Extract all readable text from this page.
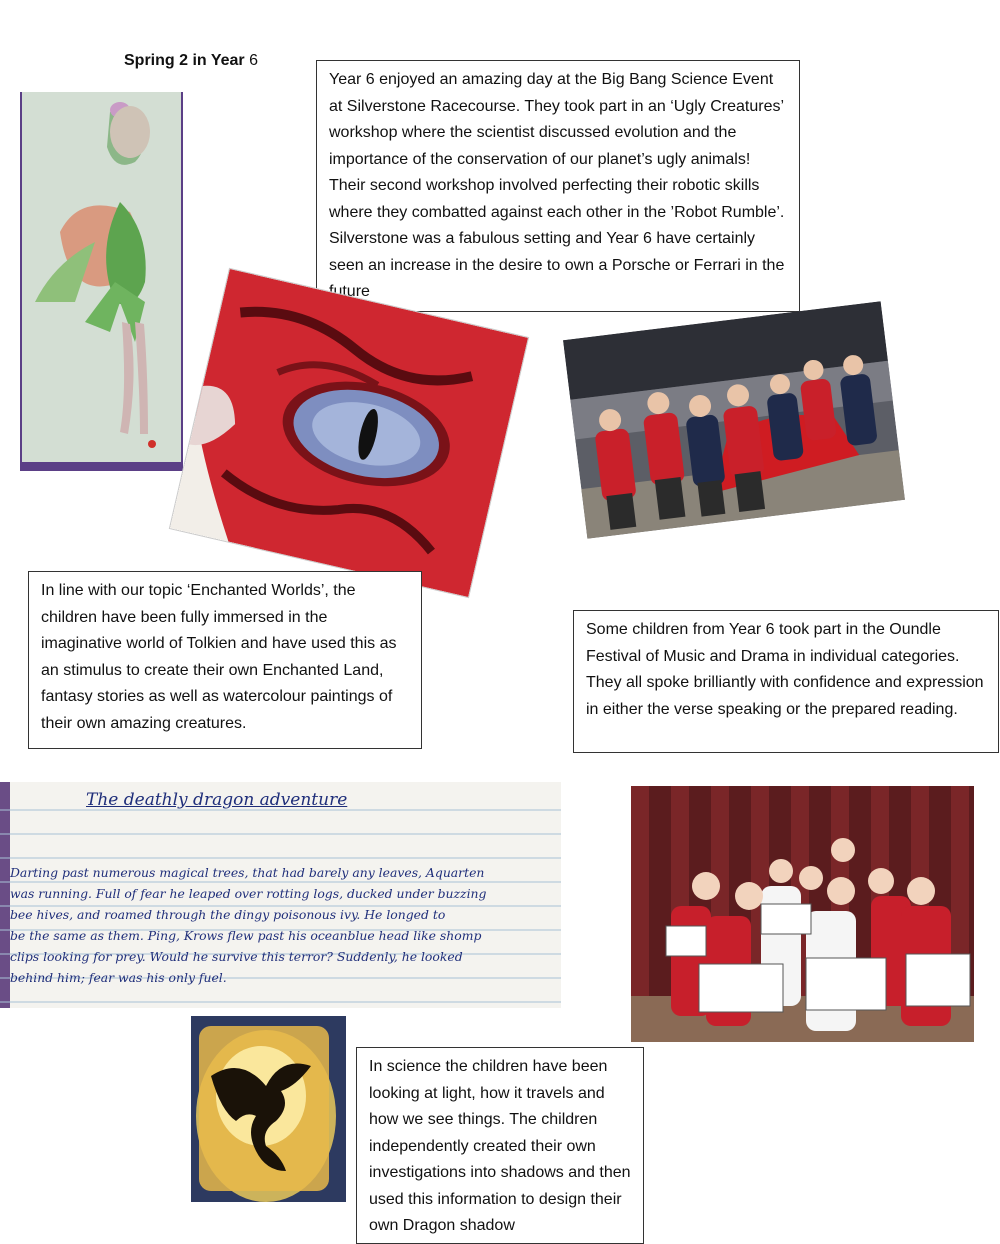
Spring 2 in Year 6
Year 6 enjoyed an amazing day at the Big Bang Science Event at Silverstone Racecourse. They took part in an ‘Ugly Creatures’ workshop where the scientist discussed evolution and the importance of the conservation of our planet’s ugly animals! Their second workshop involved perfecting their robotic skills where they combatted against each other in the ’Robot Rumble’. Silverstone was a fabulous setting and Year 6 have certainly seen an increase in the desire to own a Porsche or Ferrari in the future
In line with our topic ‘Enchanted Worlds’, the children have been fully immersed in the imaginative world of Tolkien and have used this as an stimulus to create their own Enchanted Land, fantasy stories as well as watercolour paintings of their own amazing creatures.
Some children from Year 6 took part in the Oundle Festival of Music and Drama in individual categories. They all spoke brilliantly with confidence and expression in either the verse speaking or the prepared reading.
The deathly dragon adventure
Darting past numerous magical trees, that had barely any leaves, Aquarten
was running. Full of fear he leaped over rotting logs, ducked under buzzing
bee hives, and roamed through the dingy poisonous ivy. He longed to
be the same as them. Ping, Krows flew past his oceanblue head like shomp
clips looking for prey. Would he survive this terror? Suddenly, he looked
behind him; fear was his only fuel.
In science the children have been looking at light, how it travels and how we see things. The children independently created their own investigations into shadows and then used this information to design their own Dragon shadow
